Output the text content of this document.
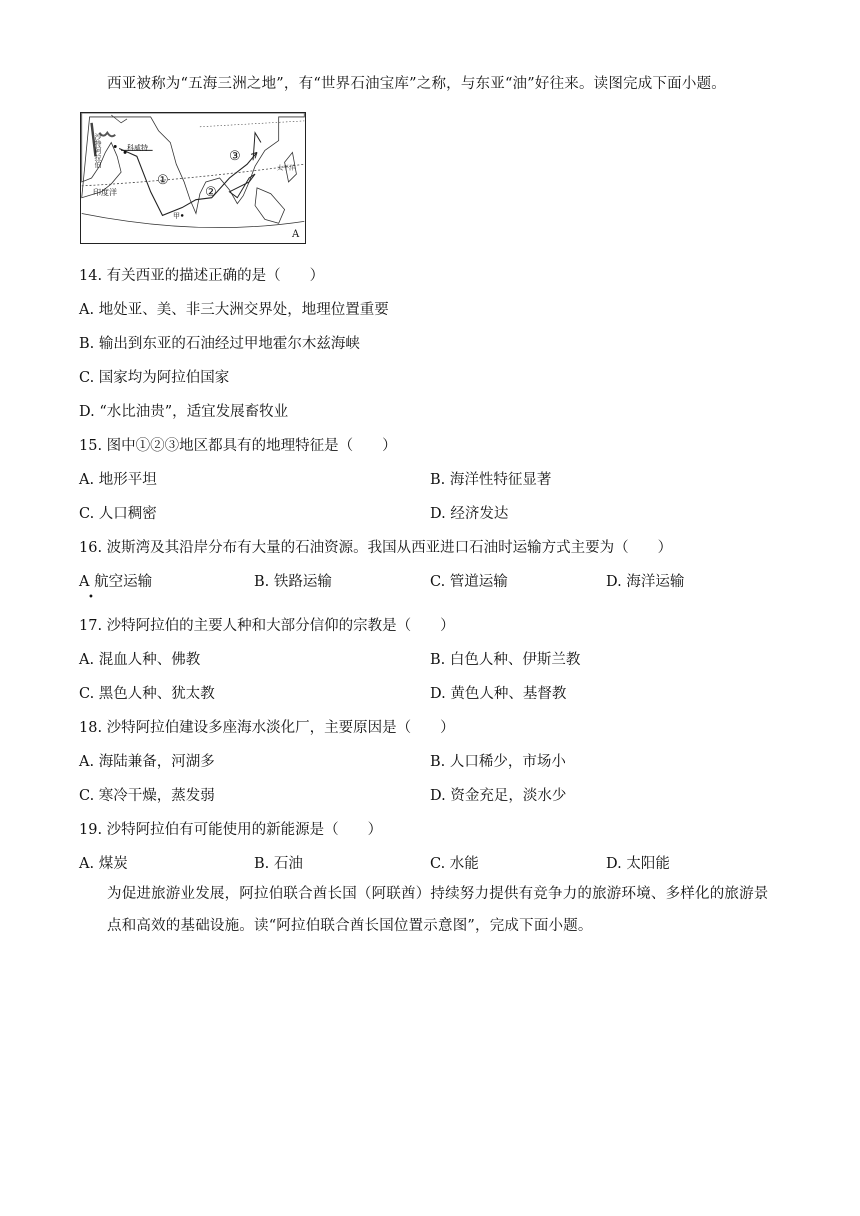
西亚被称为“五海三洲之地”，有“世界石油宝库”之称，与东亚“油”好往来。读图完成下面小题。
沙特阿拉伯	科威特
印度洋
太平洋
甲
①
②
③
A
14. 有关西亚的描述正确的是（　　）
A. 地处亚、美、非三大洲交界处，地理位置重要
B. 输出到东亚的石油经过甲地霍尔木兹海峡
C. 国家均为阿拉伯国家
D. “水比油贵”，适宜发展畜牧业
15. 图中①②③地区都具有的地理特征是（　　）
A. 地形平坦	B. 海洋性特征显著
C. 人口稠密	D. 经济发达
16. 波斯湾及其沿岸分布有大量的石油资源。我国从西亚进口石油时运输方式主要为（　　）
A 航空运输	B. 铁路运输	C. 管道运输	D. 海洋运输
•
17. 沙特阿拉伯的主要人种和大部分信仰的宗教是（　　）
A. 混血人种、佛教	B. 白色人种、伊斯兰教
C. 黑色人种、犹太教	D. 黄色人种、基督教
18. 沙特阿拉伯建设多座海水淡化厂，主要原因是（　　）
A. 海陆兼备，河湖多	B. 人口稀少，市场小
C. 寒冷干燥，蒸发弱	D. 资金充足，淡水少
19. 沙特阿拉伯有可能使用的新能源是（　　）
A. 煤炭	B. 石油	C. 水能	D. 太阳能
为促进旅游业发展，阿拉伯联合酋长国（阿联酋）持续努力提供有竞争力的旅游环境、多样化的旅游景点和高效的基础设施。读“阿拉伯联合酋长国位置示意图”，完成下面小题。
